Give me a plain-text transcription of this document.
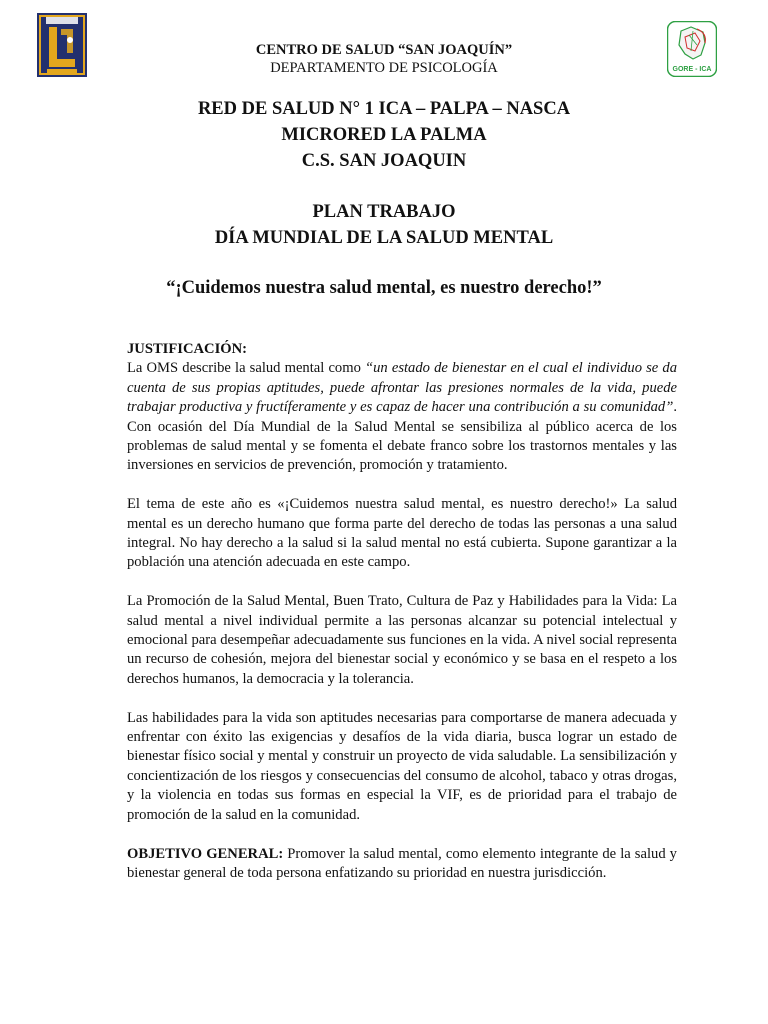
CENTRO DE SALUD “SAN JOAQUÍN”
DEPARTAMENTO DE PSICOLOGÍA	GORE - ICA
RED DE SALUD N° 1 ICA – PALPA – NASCA
MICRORED LA PALMA
C.S. SAN JOAQUIN
PLAN TRABAJO
DÍA MUNDIAL DE LA SALUD MENTAL
“¡Cuidemos nuestra salud mental, es nuestro derecho!”

JUSTIFICACIÓN:
La OMS describe la salud mental como “un estado de bienestar en el cual el individuo se da cuenta de sus propias aptitudes, puede afrontar las presiones normales de la vida, puede trabajar productiva y fructíferamente y es capaz de hacer una contribución a su comunidad”. Con ocasión del Día Mundial de la Salud Mental se sensibiliza al público acerca de los problemas de salud mental y se fomenta el debate franco sobre los trastornos mentales y las inversiones en servicios de prevención, promoción y tratamiento.

El tema de este año es «¡Cuidemos nuestra salud mental, es nuestro derecho!» La salud mental es un derecho humano que forma parte del derecho de todas las personas a una salud integral. No hay derecho a la salud si la salud mental no está cubierta. Supone garantizar a la población una atención adecuada en este campo.

La Promoción de la Salud Mental, Buen Trato, Cultura de Paz y Habilidades para la Vida: La salud mental a nivel individual permite a las personas alcanzar su potencial intelectual y emocional para desempeñar adecuadamente sus funciones en la vida. A nivel social representa un recurso de cohesión, mejora del bienestar social y económico y se basa en el respeto a los derechos humanos, la democracia y la tolerancia.

Las habilidades para la vida son aptitudes necesarias para comportarse de manera adecuada y enfrentar con éxito las exigencias y desafíos de la vida diaria, busca lograr un estado de bienestar físico social y mental y construir un proyecto de vida saludable. La sensibilización y concientización de los riesgos y consecuencias del consumo de alcohol, tabaco y otras drogas, y la violencia en todas sus formas en especial la VIF, es de prioridad para el trabajo de promoción de la salud en la comunidad.

OBJETIVO GENERAL: Promover la salud mental, como elemento integrante de la salud y bienestar general de toda persona enfatizando su prioridad en nuestra jurisdicción.
